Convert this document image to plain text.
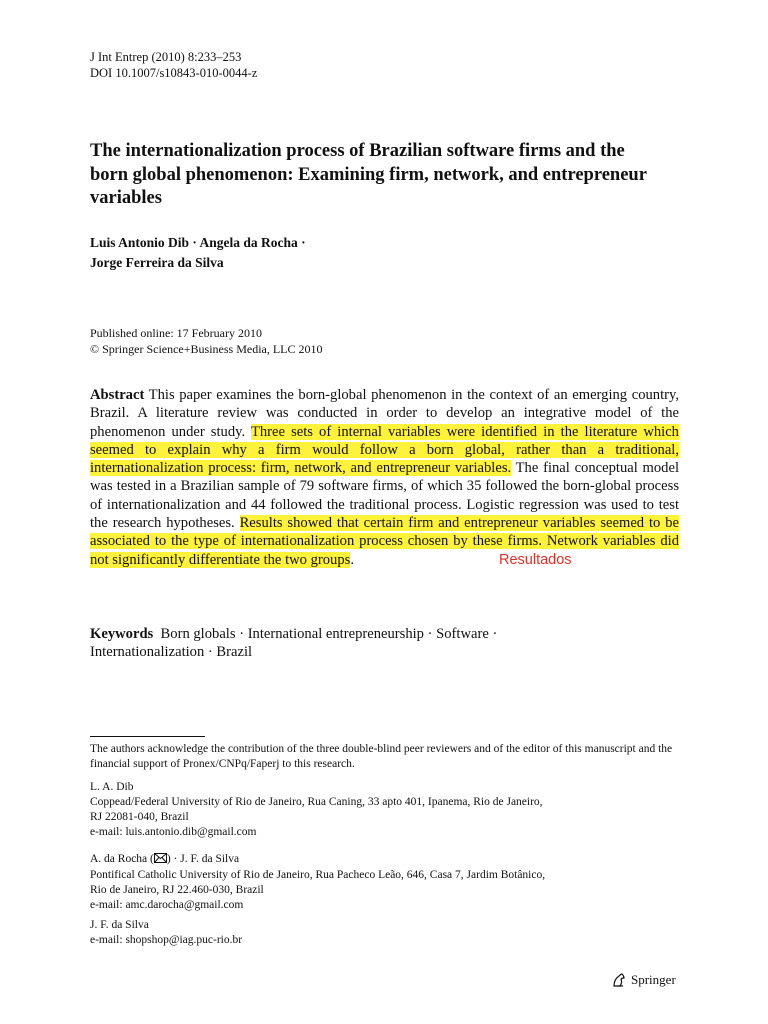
J Int Entrep (2010) 8:233–253
DOI 10.1007/s10843-010-0044-z
The internationalization process of Brazilian software firms and the born global phenomenon: Examining firm, network, and entrepreneur variables
Luis Antonio Dib · Angela da Rocha ·
Jorge Ferreira da Silva
Published online: 17 February 2010
© Springer Science+Business Media, LLC 2010
Abstract This paper examines the born-global phenomenon in the context of an emerging country, Brazil. A literature review was conducted in order to develop an integrative model of the phenomenon under study. Three sets of internal variables were identified in the literature which seemed to explain why a firm would follow a born global, rather than a traditional, internationalization process: firm, network, and entrepreneur variables. The final conceptual model was tested in a Brazilian sample of 79 software firms, of which 35 followed the born-global process of internationalization and 44 followed the traditional process. Logistic regression was used to test the research hypotheses. Results showed that certain firm and entrepreneur variables seemed to be associated to the type of internationalization process chosen by these firms. Network variables did not significantly differentiate the two groups.	Resultados
Keywords Born globals · International entrepreneurship · Software ·
Internationalization · Brazil
The authors acknowledge the contribution of the three double-blind peer reviewers and of the editor of this manuscript and the financial support of Pronex/CNPq/Faperj to this research.
L. A. Dib
Coppead/Federal University of Rio de Janeiro, Rua Caning, 33 apto 401, Ipanema, Rio de Janeiro,
RJ 22081-040, Brazil
e-mail: luis.antonio.dib@gmail.com
A. da Rocha ( ) · J. F. da Silva
Pontifical Catholic University of Rio de Janeiro, Rua Pacheco Leão, 646, Casa 7, Jardim Botânico,
Rio de Janeiro, RJ 22.460-030, Brazil
e-mail: amc.darocha@gmail.com
J. F. da Silva
e-mail: shopshop@iag.puc-rio.br
Springer
